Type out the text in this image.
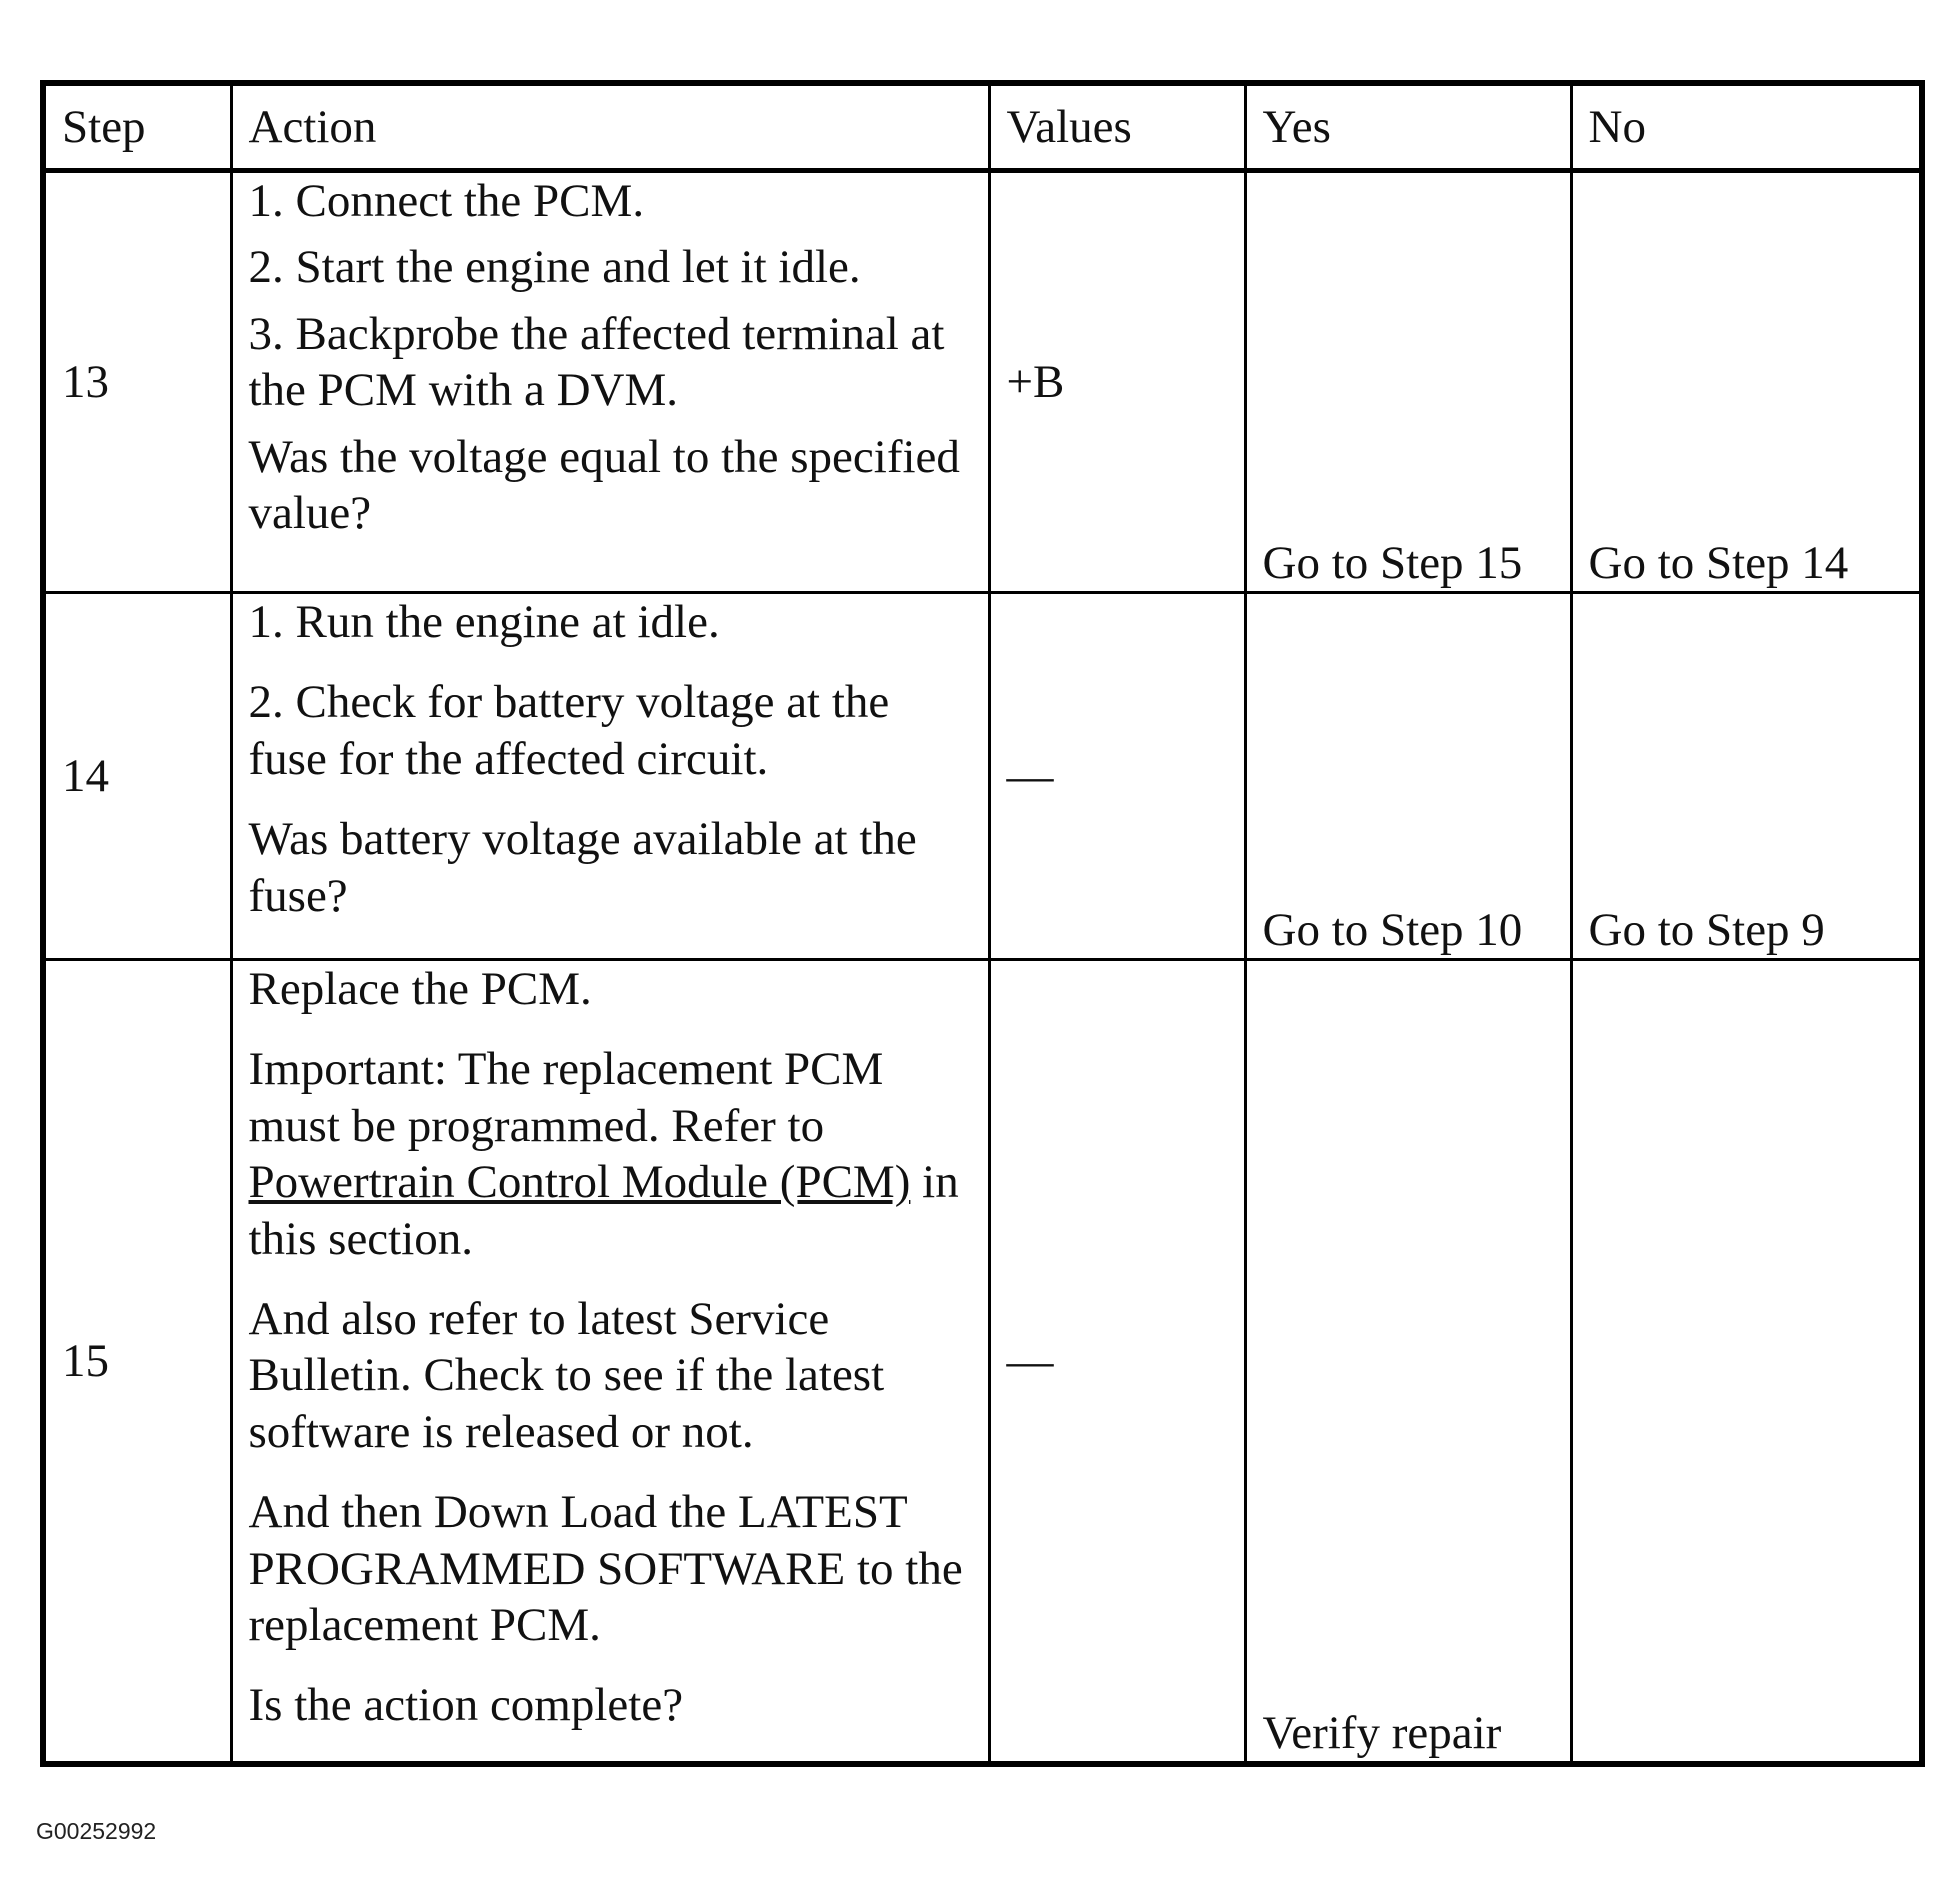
Step	Action	Values	Yes	No
13	1. Connect the PCM.

2. Start the engine and let it idle.

3. Backprobe the affected terminal at the PCM with a DVM.

Was the voltage equal to the specified value?	+B	Go to Step 15	Go to Step 14
14	1. Run the engine at idle.

2. Check for battery voltage at the fuse for the affected circuit.

Was battery voltage available at the fuse?	—	Go to Step 10	Go to Step 9
15	Replace the PCM.

Important: The replacement PCM must be programmed. Refer to Powertrain Control Module (PCM) in this section.

And also refer to latest Service Bulletin. Check to see if the latest software is released or not.

And then Down Load the LATEST PROGRAMMED SOFTWARE to the replacement PCM.

Is the action complete?	—	Verify repair	
G00252992
